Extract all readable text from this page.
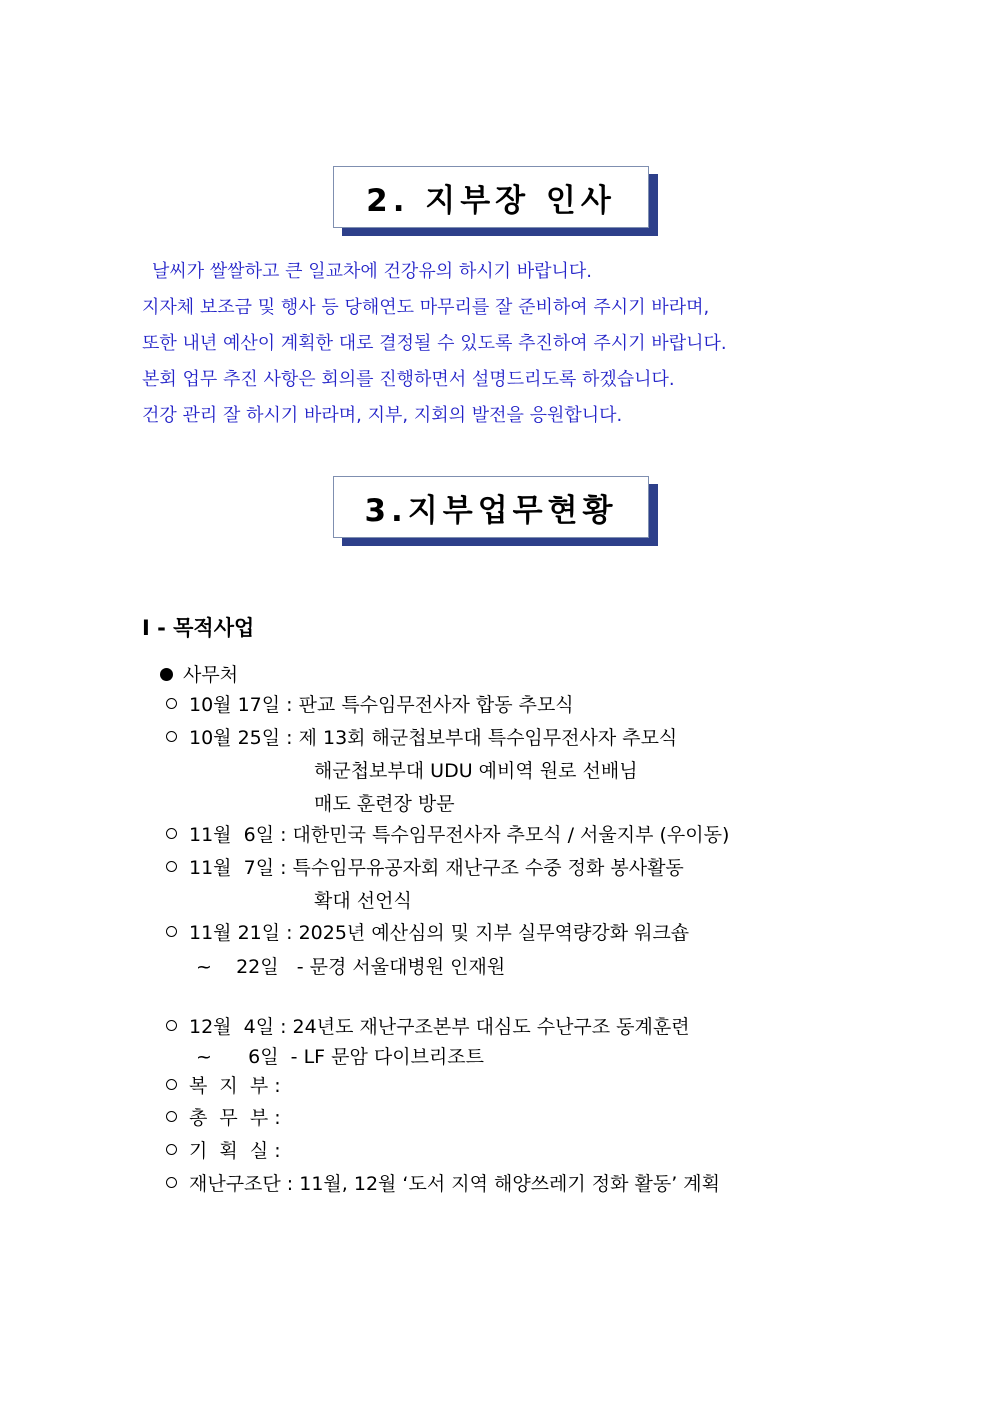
2. 지부장 인사
날씨가 쌀쌀하고 큰 일교차에 건강유의 하시기 바랍니다.
지자체 보조금 및 행사 등 당해연도 마무리를 잘 준비하여 주시기 바라며,
또한 내년 예산이 계획한 대로 결정될 수 있도록 추진하여 주시기 바랍니다.
본회 업무 추진 사항은 회의를 진행하면서 설명드리도록 하겠습니다.
건강 관리 잘 하시기 바라며, 지부, 지회의 발전을 응원합니다.
3.지부업무현황
Ⅰ - 목적사업
사무처
10월 17일 : 판교 특수임무전사자 합동 추모식
10월 25일 : 제 13회 해군첩보부대 특수임무전사자 추모식
해군첩보부대 UDU 예비역 원로 선배님
매도 훈련장 방문
11월  6일 : 대한민국 특수임무전사자 추모식 / 서울지부 (우이동)
11월  7일 : 특수임무유공자회 재난구조 수중 정화 봉사활동
확대 선언식
11월 21일 : 2025년 예산심의 및 지부 실무역량강화 워크숍
~    22일   - 문경 서울대병원 인재원
12월  4일 : 24년도 재난구조본부 대심도 수난구조 동계훈련
~      6일  - LF 문암 다이브리조트
복  지  부 :
총  무  부 :
기  획  실 :
재난구조단 : 11월, 12월 ‘도서 지역 해양쓰레기 정화 활동’ 계획
